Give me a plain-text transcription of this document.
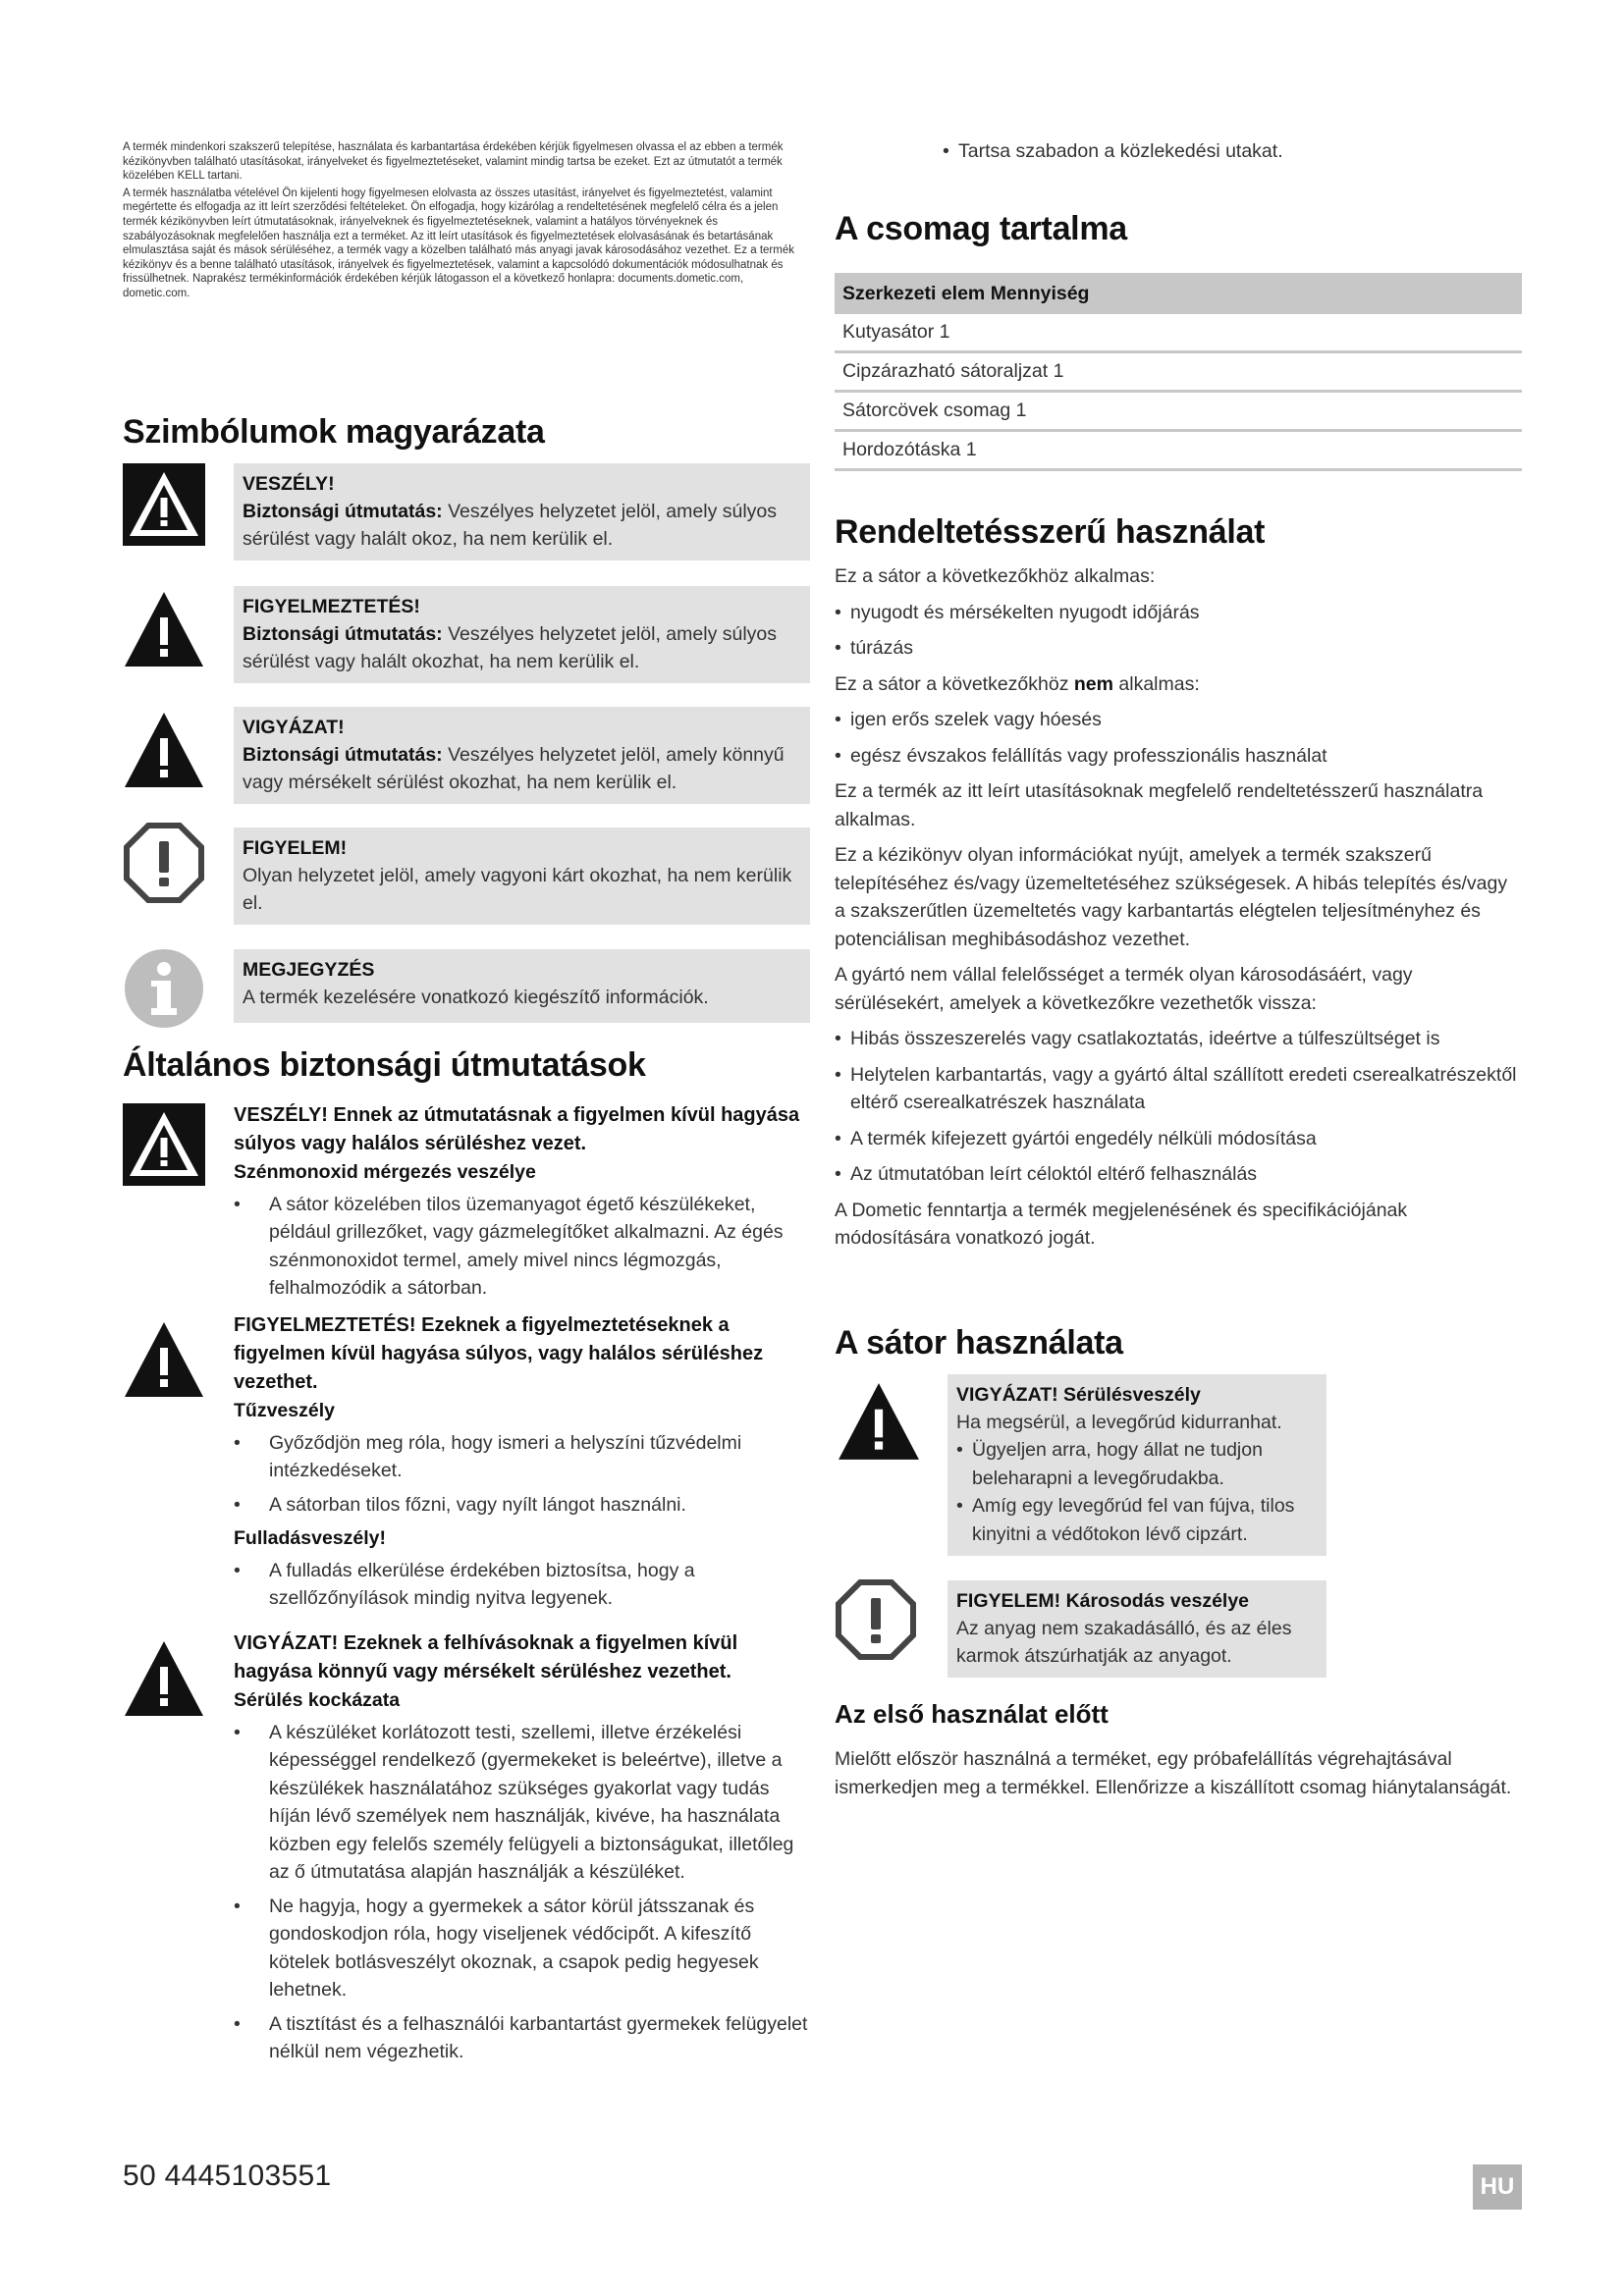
A termék mindenkori szakszerű telepítése, használata és karbantartása érdekében kérjük figyelmesen olvassa el az ebben a termék kézikönyvben található utasításokat, irányelveket és figyelmeztetéseket, valamint mindig tartsa be ezeket. Ezt az útmutatót a termék közelében KELL tartani.

A termék használatba vételével Ön kijelenti hogy figyelmesen elolvasta az összes utasítást, irányelvet és figyelmeztetést, valamint megértette és elfogadja az itt leírt szerződési feltételeket. Ön elfogadja, hogy kizárólag a rendeltetésének megfelelő célra és a jelen termék kézikönyvben leírt útmutatásoknak, irányelveknek és figyelmeztetéseknek, valamint a hatályos törvényeknek és szabályozásoknak megfelelően használja ezt a terméket. Az itt leírt utasítások és figyelmeztetések elolvasásának és betartásának elmulasztása saját és mások sérüléséhez, a termék vagy a közelben található más anyagi javak károsodásához vezethet. Ez a termék kézikönyv és a benne található utasítások, irányelvek és figyelmeztetések, valamint a kapcsolódó dokumentációk módosulhatnak és frissülhetnek. Naprakész termékinformációk érdekében kérjük látogasson el a következő honlapra: documents.dometic.com, dometic.com.

Szimbólumok magyarázata
VESZÉLY!
Biztonsági útmutatás: Veszélyes helyzetet jelöl, amely súlyos sérülést vagy halált okoz, ha nem kerülik el.
FIGYELMEZTETÉS!
Biztonsági útmutatás: Veszélyes helyzetet jelöl, amely súlyos sérülést vagy halált okozhat, ha nem kerülik el.
VIGYÁZAT!
Biztonsági útmutatás: Veszélyes helyzetet jelöl, amely könnyű vagy mérsékelt sérülést okozhat, ha nem kerülik el.
FIGYELEM!
Olyan helyzetet jelöl, amely vagyoni kárt okozhat, ha nem kerülik el.
MEGJEGYZÉS
A termék kezelésére vonatkozó kiegészítő információk.
Általános biztonsági útmutatások
VESZÉLY! Ennek az útmutatásnak a figyelmen kívül hagyása súlyos vagy halálos sérüléshez vezet.
Szénmonoxid mérgezés veszélye
• A sátor közelében tilos üzemanyagot égető készülékeket, például grillezőket, vagy gázmelegítőket alkalmazni. Az égés szénmonoxidot termel, amely mivel nincs légmozgás, felhalmozódik a sátorban.
FIGYELMEZTETÉS! Ezeknek a figyelmeztetéseknek a figyelmen kívül hagyása súlyos, vagy halálos sérüléshez vezethet.
Tűzveszély
• Győződjön meg róla, hogy ismeri a helyszíni tűzvédelmi intézkedéseket.
• A sátorban tilos főzni, vagy nyílt lángot használni.
Fulladásveszély!
• A fulladás elkerülése érdekében biztosítsa, hogy a szellőzőnyílások mindig nyitva legyenek.
VIGYÁZAT! Ezeknek a felhívásoknak a figyelmen kívül hagyása könnyű vagy mérsékelt sérüléshez vezethet.
Sérülés kockázata
• A készüléket korlátozott testi, szellemi, illetve érzékelési képességgel rendelkező (gyermekeket is beleértve), illetve a készülékek használatához szükséges gyakorlat vagy tudás híján lévő személyek nem használják, kivéve, ha használata közben egy felelős személy felügyeli a biztonságukat, illetőleg az ő útmutatása alapján használják a készüléket.
• Ne hagyja, hogy a gyermekek a sátor körül játsszanak és gondoskodjon róla, hogy viseljenek védőcipőt. A kifeszítő kötelek botlásveszélyt okoznak, a csapok pedig hegyesek lehetnek.
• A tisztítást és a felhasználói karbantartást gyermekek felügyelet nélkül nem végezhetik.
• Tartsa szabadon a közlekedési utakat.
A csomag tartalma
Szerkezeti elem Mennyiség
Kutyasátor 1
Cipzárazható sátoraljzat 1
Sátorcövek csomag 1
Hordozótáska 1
Rendeltetésszerű használat

Ez a sátor a következőkhöz alkalmas:

• nyugodt és mérsékelten nyugodt időjárás
• túrázás

Ez a sátor a következőkhöz nem alkalmas:

• igen erős szelek vagy hóesés
• egész évszakos felállítás vagy professzionális használat

Ez a termék az itt leírt utasításoknak megfelelő rendeltetésszerű használatra alkalmas.

Ez a kézikönyv olyan információkat nyújt, amelyek a termék szakszerű telepítéséhez és/vagy üzemeltetéséhez szükségesek. A hibás telepítés és/vagy a szakszerűtlen üzemeltetés vagy karbantartás elégtelen teljesítményhez és potenciálisan meghibásodáshoz vezethet.

A gyártó nem vállal felelősséget a termék olyan károsodásáért, vagy sérülésekért, amelyek a következőkre vezethetők vissza:

• Hibás összeszerelés vagy csatlakoztatás, ideértve a túlfeszültséget is
• Helytelen karbantartás, vagy a gyártó által szállított eredeti cserealkatrészektől eltérő cserealkatrészek használata
• A termék kifejezett gyártói engedély nélküli módosítása
• Az útmutatóban leírt céloktól eltérő felhasználás

A Dometic fenntartja a termék megjelenésének és specifikációjának módosítására vonatkozó jogát.

A sátor használata
VIGYÁZAT! Sérülésveszély
Ha megsérül, a levegőrúd kidurranhat.
• Ügyeljen arra, hogy állat ne tudjon beleharapni a levegőrudakba.
• Amíg egy levegőrúd fel van fújva, tilos kinyitni a védőtokon lévő cipzárt.
FIGYELEM! Károsodás veszélye
Az anyag nem szakadásálló, és az éles karmok átszúrhatják az anyagot.
Az első használat előtt

Mielőtt először használná a terméket, egy próbafelállítás végrehajtásával ismerkedjen meg a termékkel. Ellenőrizze a kiszállított csomag hiánytalanságát.

50 4445103551	HU
